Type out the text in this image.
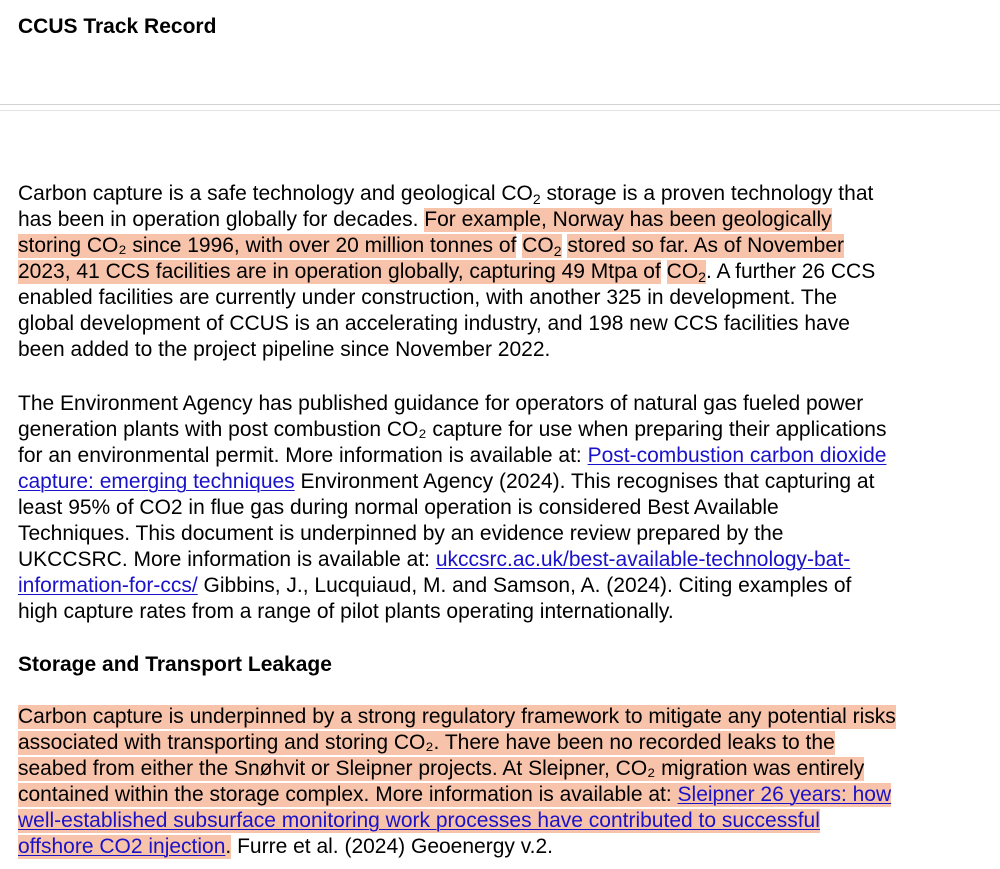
CCUS Track Record
Carbon capture is a safe technology and geological $CO_2$ storage is a proven technology that
has been in operation globally for decades. For example, Norway has been geologically
storing CO₂ since 1996, with over 20 million tonnes of $CO_2$ stored so far. As of November
2023, 41 CCS facilities are in operation globally, capturing 49 Mtpa of $CO_2$. A further 26 CCS
enabled facilities are currently under construction, with another 325 in development. The
global development of CCUS is an accelerating industry, and 198 new CCS facilities have
been added to the project pipeline since November 2022.
The Environment Agency has published guidance for operators of natural gas fueled power
generation plants with post combustion CO₂ capture for use when preparing their applications
for an environmental permit. More information is available at: Post-combustion carbon dioxide
capture: emerging techniques Environment Agency (2024). This recognises that capturing at
least 95% of CO2 in flue gas during normal operation is considered Best Available
Techniques. This document is underpinned by an evidence review prepared by the
UKCCSRC. More information is available at: ukccsrc.ac.uk/best-available-technology-bat-
information-for-ccs/ Gibbins, J., Lucquiaud, M. and Samson, A. (2024). Citing examples of
high capture rates from a range of pilot plants operating internationally.
Storage and Transport Leakage
Carbon capture is underpinned by a strong regulatory framework to mitigate any potential risks
associated with transporting and storing CO₂. There have been no recorded leaks to the
seabed from either the Snøhvit or Sleipner projects. At Sleipner, CO₂ migration was entirely
contained within the storage complex. More information is available at: Sleipner 26 years: how
well-established subsurface monitoring work processes have contributed to successful
offshore CO2 injection. Furre et al. (2024) Geoenergy v.2.
